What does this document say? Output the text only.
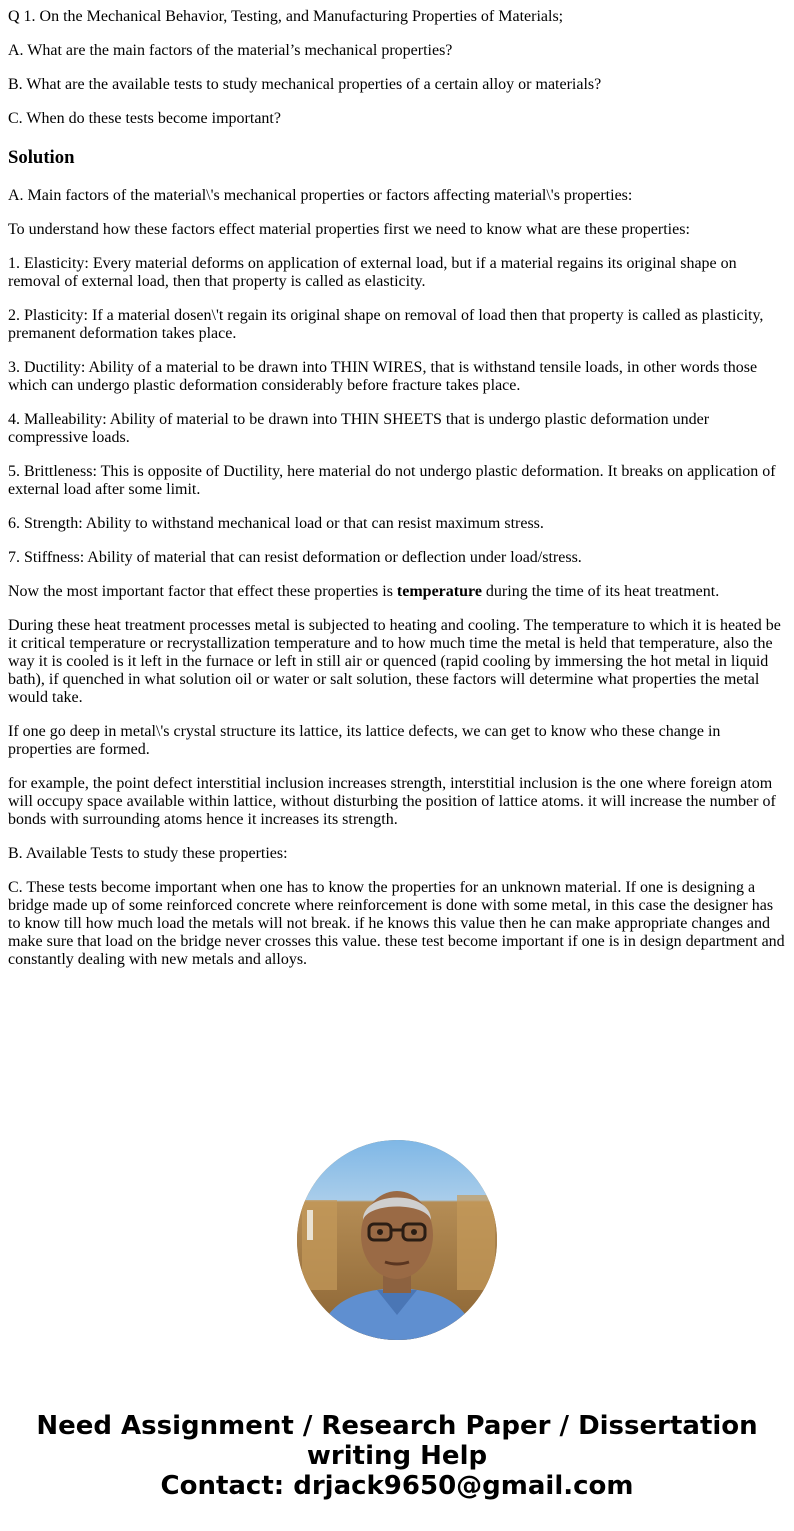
Q 1. On the Mechanical Behavior, Testing, and Manufacturing Properties of Materials;

A. What are the main factors of the material’s mechanical properties?

B. What are the available tests to study mechanical properties of a certain alloy or materials?

C. When do these tests become important?

Solution

A. Main factors of the material\'s mechanical properties or factors affecting material\'s properties:

To understand how these factors effect material properties first we need to know what are these properties:

1. Elasticity: Every material deforms on application of external load, but if a material regains its original shape on removal of external load, then that property is called as elasticity.

2. Plasticity: If a material dosen\'t regain its original shape on removal of load then that property is called as plasticity, premanent deformation takes place.

3. Ductility: Ability of a material to be drawn into THIN WIRES, that is withstand tensile loads, in other words those which can undergo plastic deformation considerably before fracture takes place.

4. Malleability: Ability of material to be drawn into THIN SHEETS that is undergo plastic deformation under compressive loads.

5. Brittleness: This is opposite of Ductility, here material do not undergo plastic deformation. It breaks on application of external load after some limit.

6. Strength: Ability to withstand mechanical load or that can resist maximum stress.

7. Stiffness: Ability of material that can resist deformation or deflection under load/stress.

Now the most important factor that effect these properties is temperature during the time of its heat treatment.

During these heat treatment processes metal is subjected to heating and cooling. The temperature to which it is heated be it critical temperature or recrystallization temperature and to how much time the metal is held that temperature, also the way it is cooled is it left in the furnace or left in still air or quenced (rapid cooling by immersing the hot metal in liquid bath), if quenched in what solution oil or water or salt solution, these factors will determine what properties the metal would take.

If one go deep in metal\'s crystal structure its lattice, its lattice defects, we can get to know who these change in properties are formed.

for example, the point defect interstitial inclusion increases strength, interstitial inclusion is the one where foreign atom will occupy space available within lattice, without disturbing the position of lattice atoms. it will increase the number of bonds with surrounding atoms hence it increases its strength.

B. Available Tests to study these properties:

C. These tests become important when one has to know the properties for an unknown material. If one is designing a bridge made up of some reinforced concrete where reinforcement is done with some metal, in this case the designer has to know till how much load the metals will not break. if he knows this value then he can make appropriate changes and make sure that load on the bridge never crosses this value. these test become important if one is in design department and constantly dealing with new metals and alloys.

Need Assignment / Research Paper / Dissertation
writing Help
Contact: drjack9650@gmail.com
